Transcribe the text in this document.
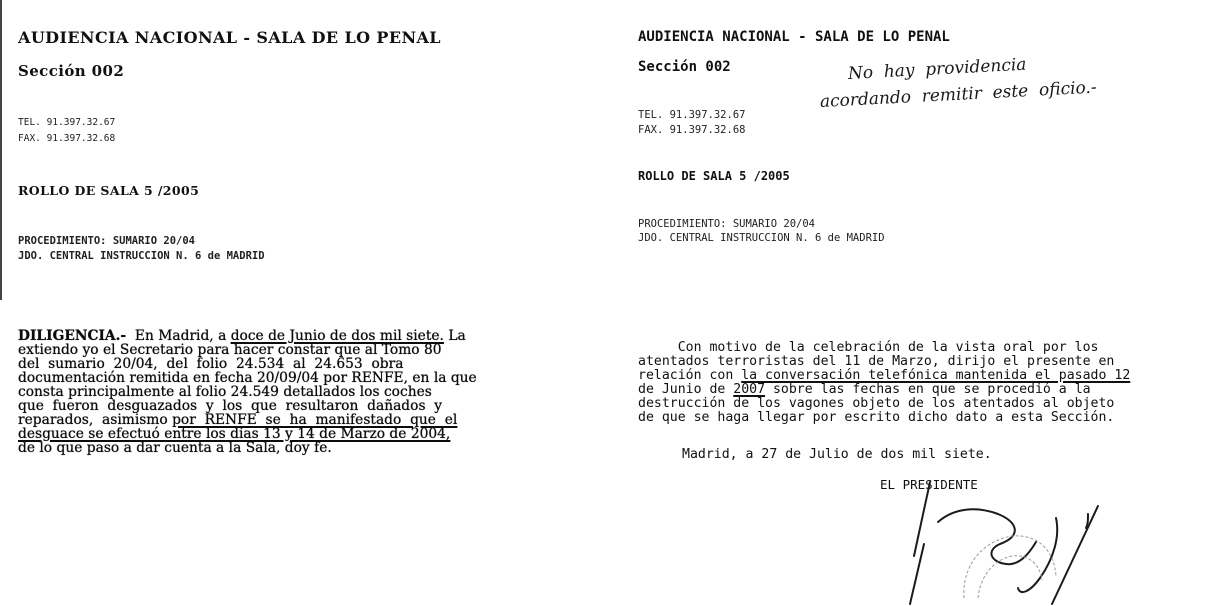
AUDIENCIA NACIONAL - SALA DE LO PENAL
Sección 002
TEL. 91.397.32.67
FAX. 91.397.32.68
ROLLO DE SALA 5 /2005
PROCEDIMIENTO: SUMARIO 20/04
JDO. CENTRAL INSTRUCCION N. 6 de MADRID
DILIGENCIA.-  En Madrid, a doce de Junio de dos mil siete. La
extiendo yo el Secretario para hacer constar que al Tomo 80
del  sumario  20/04,  del  folio  24.534  al  24.653  obra
documentación remitida en fecha 20/09/04 por RENFE, en la que
consta principalmente al folio 24.549 detallados los coches
que  fueron  desguazados  y  los  que  resultaron  dañados  y
reparados,  asimismo por  RENFE  se  ha  manifestado  que  el
desguace se efectuó entre los días 13 y 14 de Marzo de 2004,
de lo que paso a dar cuenta a la Sala, doy fe.
AUDIENCIA NACIONAL - SALA DE LO PENAL
Sección 002	No  hay  providencia
acordando  remitir  este  oficio.-
TEL. 91.397.32.67
FAX. 91.397.32.68
ROLLO DE SALA 5 /2005
PROCEDIMIENTO: SUMARIO 20/04
JDO. CENTRAL INSTRUCCION N. 6 de MADRID
Con motivo de la celebración de la vista oral por los
atentados terroristas del 11 de Marzo, dirijo el presente en
relación con la conversación telefónica mantenida el pasado 12
de Junio de 2007 sobre las fechas en que se procedió a la
destrucción de los vagones objeto de los atentados al objeto
de que se haga llegar por escrito dicho dato a esta Sección.
Madrid, a 27 de Julio de dos mil siete.
EL PRESIDENTE
